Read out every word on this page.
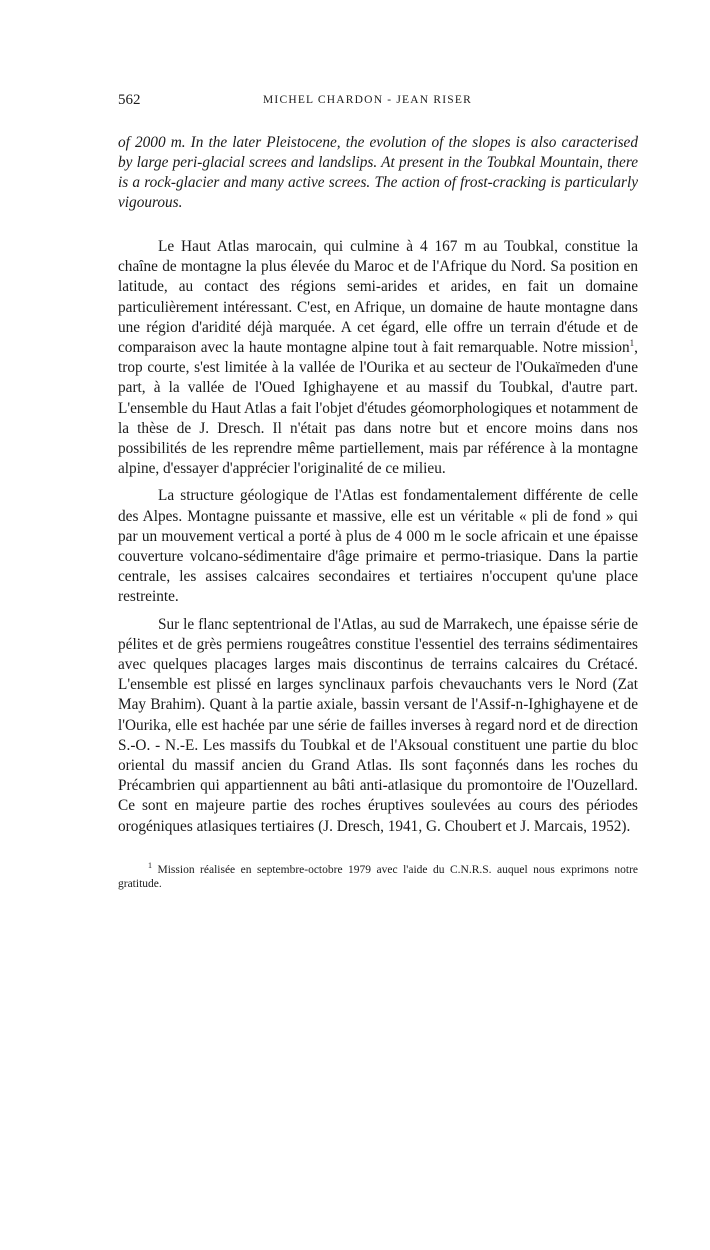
562	MICHEL CHARDON - JEAN RISER

of 2000 m. In the later Pleistocene, the evolution of the slopes is also caracterised by large peri-glacial screes and landslips. At present in the Toubkal Mountain, there is a rock-glacier and many active screes. The action of frost-cracking is particularly vigourous.

Le Haut Atlas marocain, qui culmine à 4 167 m au Toubkal, constitue la chaîne de montagne la plus élevée du Maroc et de l'Afrique du Nord. Sa position en latitude, au contact des régions semi-arides et arides, en fait un domaine particulièrement intéressant. C'est, en Afrique, un domaine de haute montagne dans une région d'aridité déjà marquée. A cet égard, elle offre un terrain d'étude et de comparaison avec la haute montagne alpine tout à fait remarquable. Notre mission$^1$, trop courte, s'est limitée à la vallée de l'Ourika et au secteur de l'Oukaïmeden d'une part, à la vallée de l'Oued Ighighayene et au massif du Toubkal, d'autre part. L'ensemble du Haut Atlas a fait l'objet d'études géomorphologiques et notamment de la thèse de J. Dresch. Il n'était pas dans notre but et encore moins dans nos possibilités de les reprendre même partiellement, mais par référence à la montagne alpine, d'essayer d'apprécier l'originalité de ce milieu.

La structure géologique de l'Atlas est fondamentalement différente de celle des Alpes. Montagne puissante et massive, elle est un véritable « pli de fond » qui par un mouvement vertical a porté à plus de 4 000 m le socle africain et une épaisse couverture volcano-sédimentaire d'âge primaire et permo-triasique. Dans la partie centrale, les assises calcaires secondaires et tertiaires n'occupent qu'une place restreinte.

Sur le flanc septentrional de l'Atlas, au sud de Marrakech, une épaisse série de pélites et de grès permiens rougeâtres constitue l'essentiel des terrains sédimentaires avec quelques placages larges mais discontinus de terrains calcaires du Crétacé. L'ensemble est plissé en larges synclinaux parfois chevauchants vers le Nord (Zat May Brahim). Quant à la partie axiale, bassin versant de l'Assif-n-Ighighayene et de l'Ourika, elle est hachée par une série de failles inverses à regard nord et de direction S.-O. - N.-E. Les massifs du Toubkal et de l'Aksoual constituent une partie du bloc oriental du massif ancien du Grand Atlas. Ils sont façonnés dans les roches du Précambrien qui appartiennent au bâti anti-atlasique du promontoire de l'Ouzellard. Ce sont en majeure partie des roches éruptives soulevées au cours des périodes orogéniques atlasiques tertiaires (J. Dresch, 1941, G. Choubert et J. Marcais, 1952).

$^1$ Mission réalisée en septembre-octobre 1979 avec l'aide du C.N.R.S. auquel nous exprimons notre gratitude.
